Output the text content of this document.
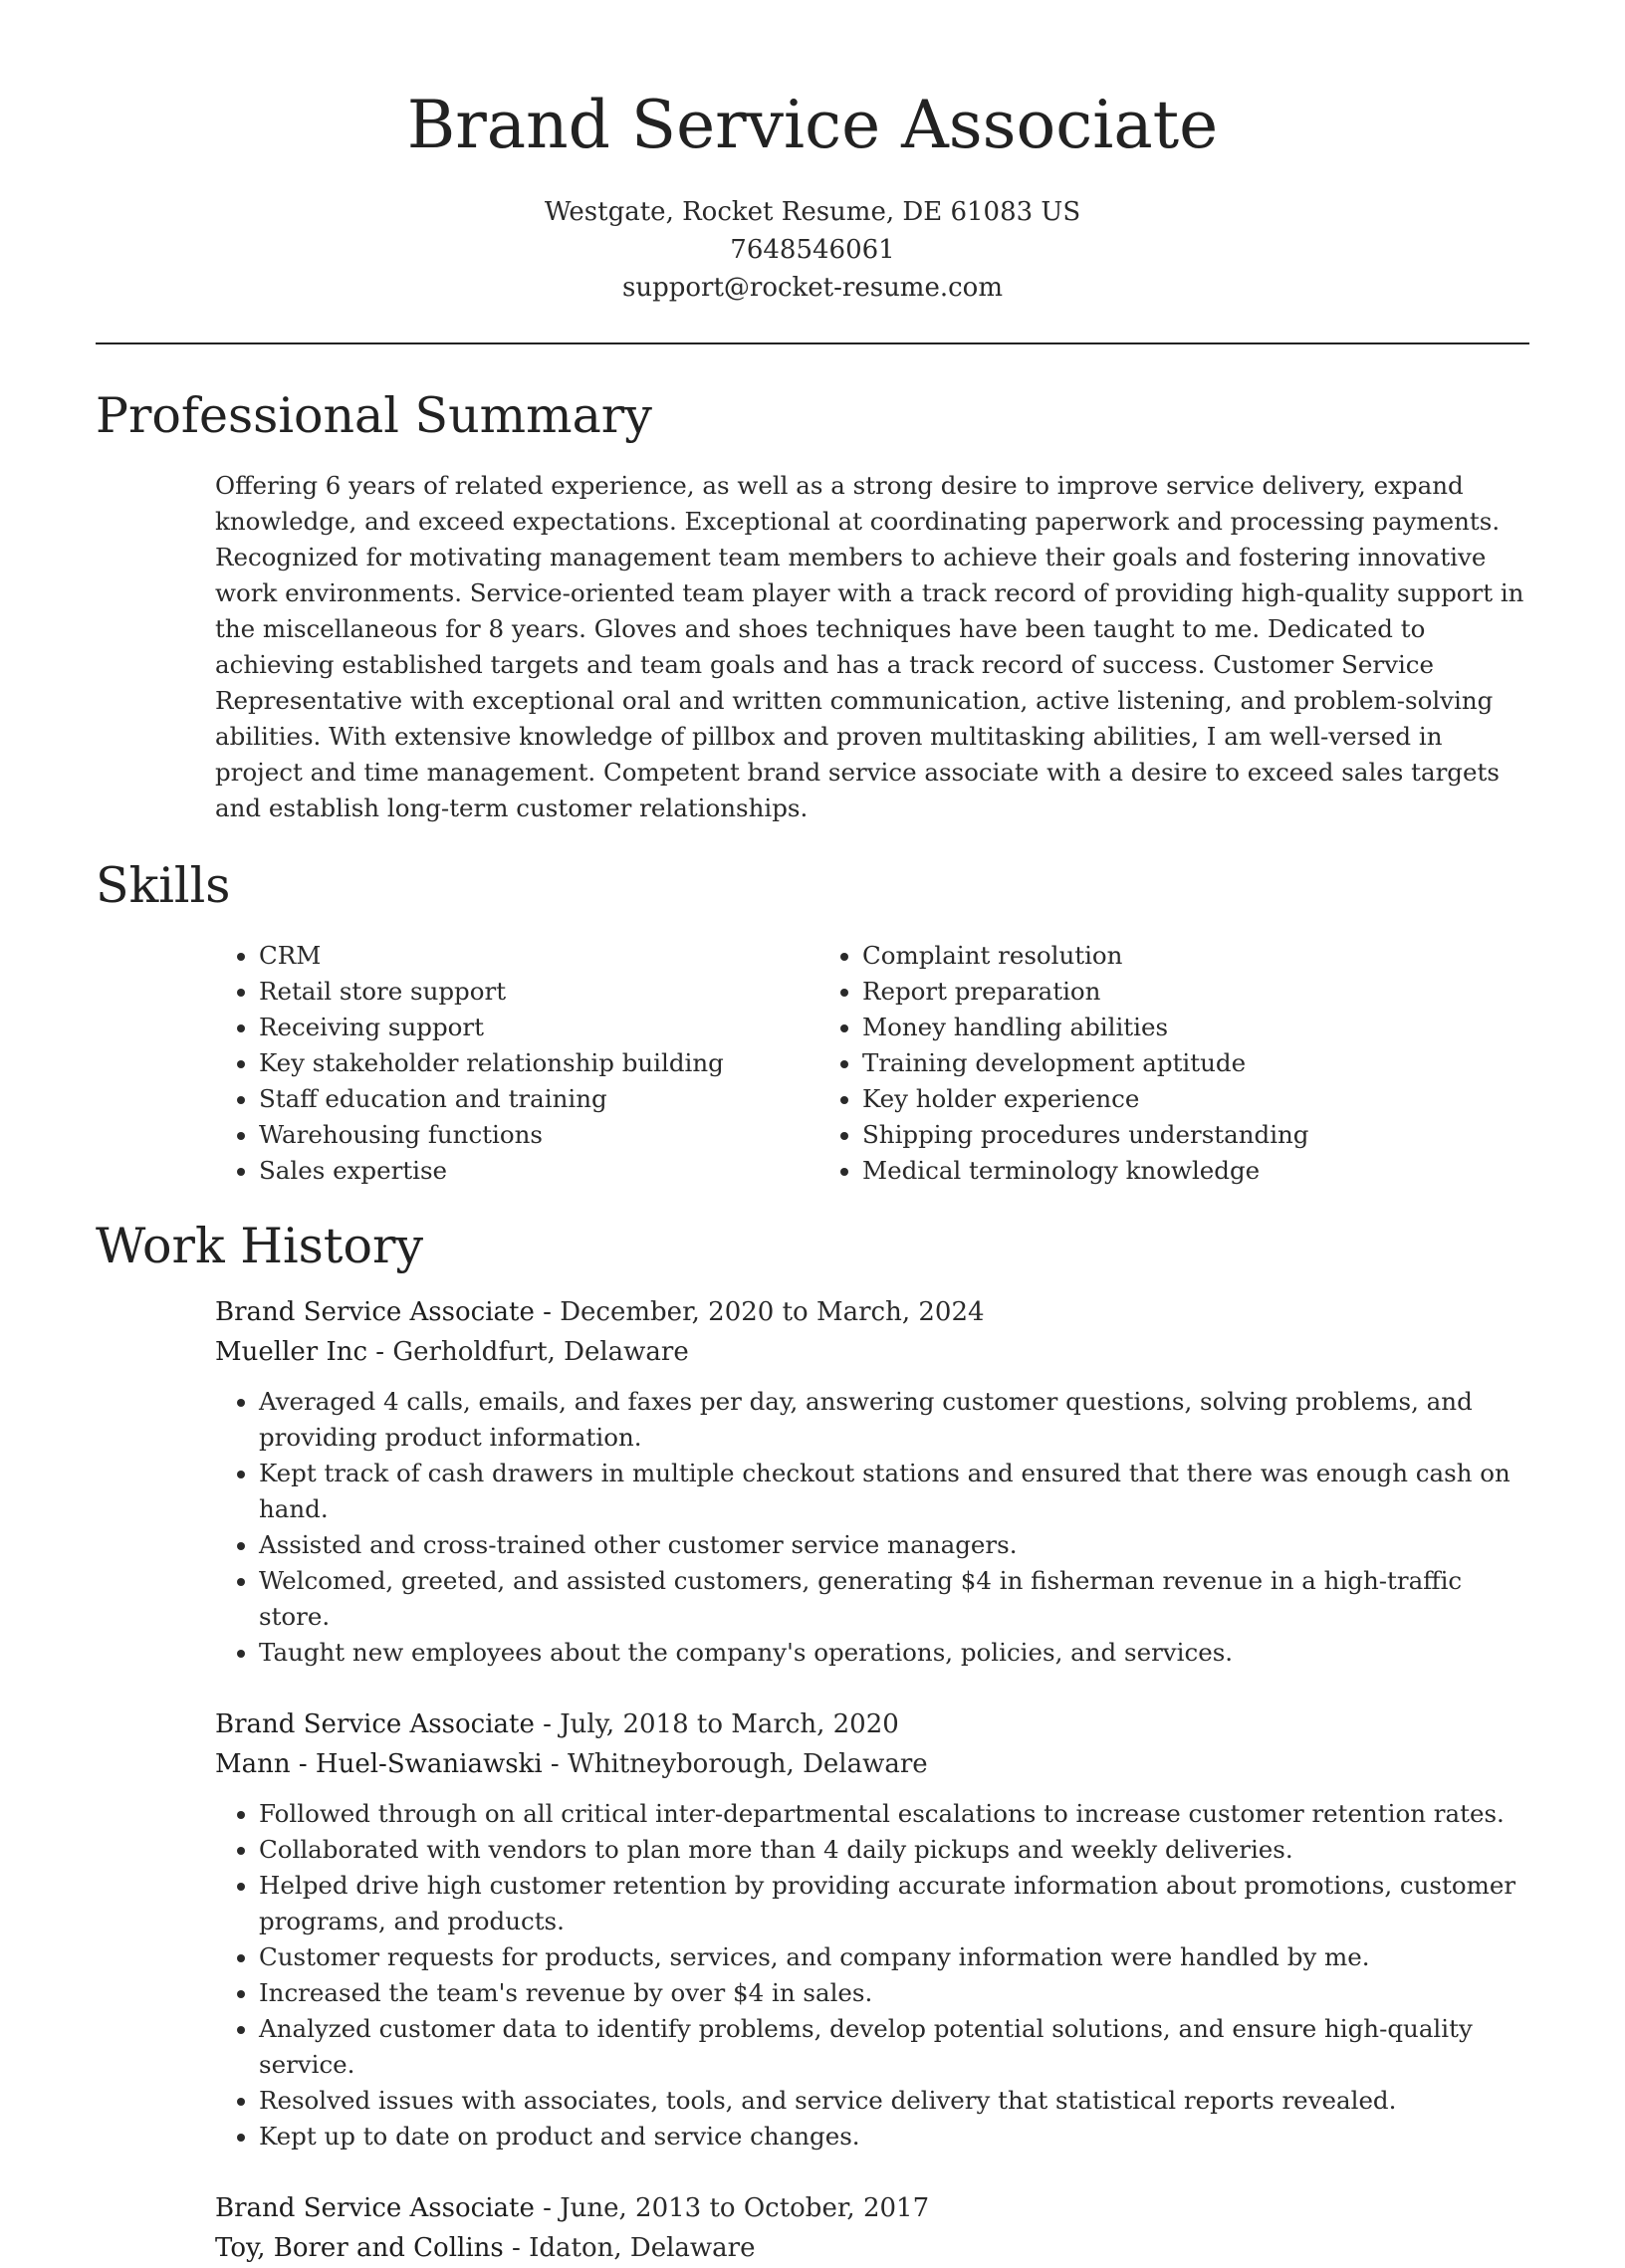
Brand Service Associate
Westgate, Rocket Resume, DE 61083 US
7648546061
support@rocket-resume.com
Professional Summary

Offering 6 years of related experience, as well as a strong desire to improve service delivery, expand knowledge, and exceed expectations. Exceptional at coordinating paperwork and processing payments. Recognized for motivating management team members to achieve their goals and fostering innovative work environments. Service-oriented team player with a track record of providing high-quality support in the miscellaneous for 8 years. Gloves and shoes techniques have been taught to me. Dedicated to achieving established targets and team goals and has a track record of success. Customer Service Representative with exceptional oral and written communication, active listening, and problem-solving abilities. With extensive knowledge of pillbox and proven multitasking abilities, I am well-versed in project and time management. Competent brand service associate with a desire to exceed sales targets and establish long-term customer relationships.

Skills
• CRM
• Retail store support
• Receiving support
• Key stakeholder relationship building
• Staff education and training
• Warehousing functions
• Sales expertise
• Complaint resolution
• Report preparation
• Money handling abilities
• Training development aptitude
• Key holder experience
• Shipping procedures understanding
• Medical terminology knowledge
Work History
Brand Service Associate - December, 2020 to March, 2024
Mueller Inc - Gerholdfurt, Delaware
• Averaged 4 calls, emails, and faxes per day, answering customer questions, solving problems, and providing product information.
• Kept track of cash drawers in multiple checkout stations and ensured that there was enough cash on hand.
• Assisted and cross-trained other customer service managers.
• Welcomed, greeted, and assisted customers, generating $4 in fisherman revenue in a high-traffic store.
• Taught new employees about the company's operations, policies, and services.
Brand Service Associate - July, 2018 to March, 2020
Mann - Huel-Swaniawski - Whitneyborough, Delaware
• Followed through on all critical inter-departmental escalations to increase customer retention rates.
• Collaborated with vendors to plan more than 4 daily pickups and weekly deliveries.
• Helped drive high customer retention by providing accurate information about promotions, customer programs, and products.
• Customer requests for products, services, and company information were handled by me.
• Increased the team's revenue by over $4 in sales.
• Analyzed customer data to identify problems, develop potential solutions, and ensure high-quality service.
• Resolved issues with associates, tools, and service delivery that statistical reports revealed.
• Kept up to date on product and service changes.
Brand Service Associate - June, 2013 to October, 2017
Toy, Borer and Collins - Idaton, Delaware
